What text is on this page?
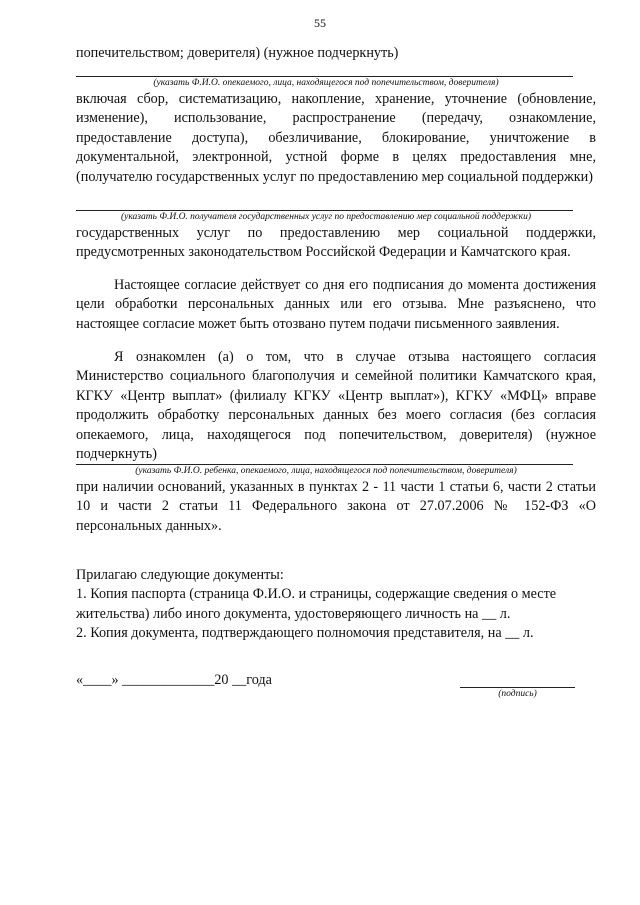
55
попечительством; доверителя) (нужное подчеркнуть)
(указать Ф.И.О. опекаемого, лица, находящегося под попечительством, доверителя)

включая сбор, систематизацию, накопление, хранение, уточнение (обновление, изменение), использование, распространение (передачу, ознакомление, предоставление доступа), обезличивание, блокирование, уничтожение в документальной, электронной, устной форме в целях предоставления мне, (получателю государственных услуг по предоставлению мер социальной поддержки)

(указать Ф.И.О. получателя государственных услуг по предоставлению мер социальной поддержки)

государственных услуг по предоставлению мер социальной поддержки, предусмотренных законодательством Российской Федерации и Камчатского края.

Настоящее согласие действует со дня его подписания до момента достижения цели обработки персональных данных или его отзыва. Мне разъяснено, что настоящее согласие может быть отозвано путем подачи письменного заявления.

Я ознакомлен (а) о том, что в случае отзыва настоящего согласия Министерство социального благополучия и семейной политики Камчатского края, КГКУ «Центр выплат» (филиалу КГКУ «Центр выплат»), КГКУ «МФЦ» вправе продолжить обработку персональных данных без моего согласия (без согласия опекаемого, лица, находящегося под попечительством, доверителя) (нужное подчеркнуть)

(указать Ф.И.О. ребенка, опекаемого, лица, находящегося под попечительством, доверителя)

при наличии оснований, указанных в пунктах 2 - 11 части 1 статьи 6, части 2 статьи 10 и части 2 статьи 11 Федерального закона от 27.07.2006 № 152-ФЗ «О персональных данных».

Прилагаю следующие документы:

1. Копия паспорта (страница Ф.И.О. и страницы, содержащие сведения о месте жительства) либо иного документа, удостоверяющего личность на __ л.

2. Копия документа, подтверждающего полномочия представителя, на __ л.

«____» _____________20 __года
(подпись)
